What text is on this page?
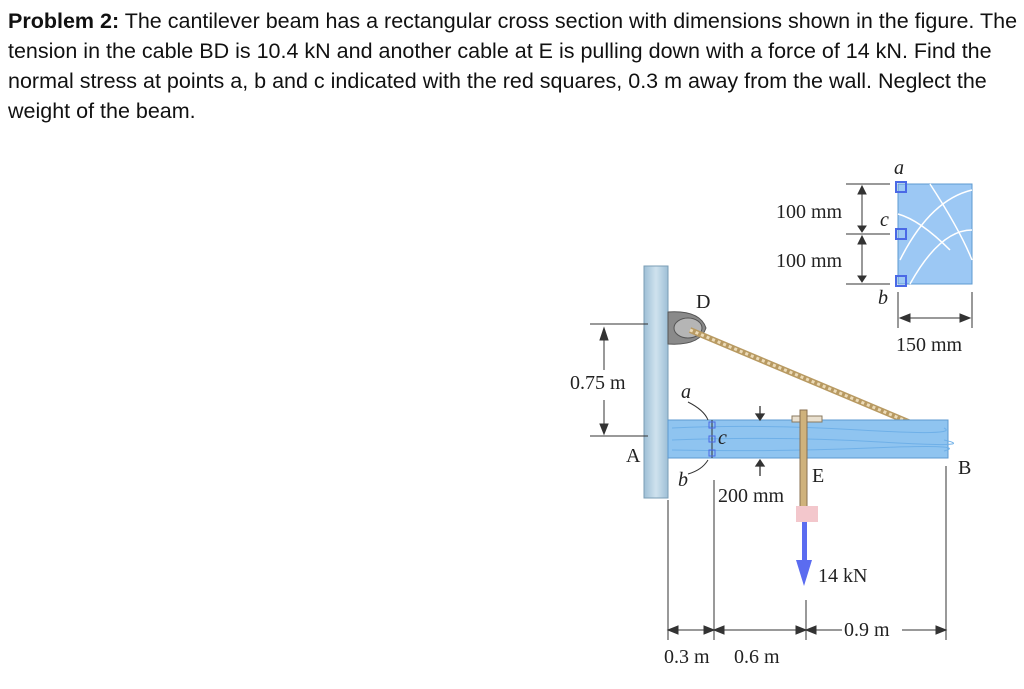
Problem 2: The cantilever beam has a rectangular cross section with dimensions shown in the figure. The tension in the cable BD is 10.4 kN and another cable at E is pulling down with a force of 14 kN. Find the normal stress at points a, b and c indicated with the red squares, 0.3 m away from the wall. Neglect the weight of the beam.
D
A
B
E
a
b
c
0.75 m
200 mm
0.3 m 0.6 m
0.9 m
14 kN
a
c
b
100 mm
100 mm
150 mm
